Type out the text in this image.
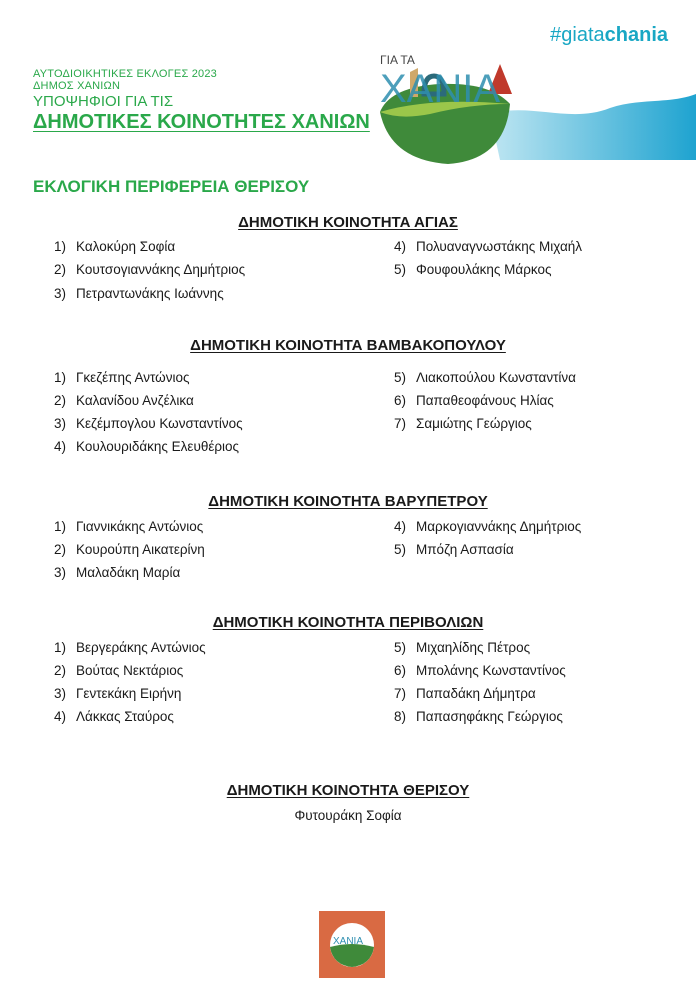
ΑΥΤΟΔΙΟΙΚΗΤΙΚΕΣ ΕΚΛΟΓΕΣ 2023
ΔΗΜΟΣ ΧΑΝΙΩΝ
ΥΠΟΨΗΦΙΟΙ ΓΙΑ ΤΙΣ
ΔΗΜΟΤΙΚΕΣ ΚΟΙΝΟΤΗΤΕΣ ΧΑΝΙΩΝ
#giatachania
ΓΙΑ ΤΑ
ΧΑΝΙΑ
ΕΚΛΟΓΙΚΗ ΠΕΡΙΦΕΡΕΙΑ ΘΕΡΙΣΟΥ
ΔΗΜΟΤΙΚΗ ΚΟΙΝΟΤΗΤΑ ΑΓΙΑΣ
1) Καλοκύρη Σοφία
2) Κουτσογιαννάκης Δημήτριος
3) Πετραντωνάκης Ιωάννης
4) Πολυαναγνωστάκης Μιχαήλ
5) Φουφουλάκης Μάρκος
ΔΗΜΟΤΙΚΗ ΚΟΙΝΟΤΗΤΑ ΒΑΜΒΑΚΟΠΟΥΛΟΥ
1) Γκεζέπης Αντώνιος
2) Καλανίδου Ανζέλικα
3) Κεζέμπογλου Κωνσταντίνος
4) Κουλουριδάκης Ελευθέριος
5) Λιακοπούλου Κωνσταντίνα
6) Παπαθεοφάνους Ηλίας
7) Σαμιώτης Γεώργιος
ΔΗΜΟΤΙΚΗ ΚΟΙΝΟΤΗΤΑ ΒΑΡΥΠΕΤΡΟΥ
1) Γιαννικάκης Αντώνιος
2) Κουρούπη Αικατερίνη
3) Μαλαδάκη Μαρία
4) Μαρκογιαννάκης Δημήτριος
5) Μπόζη Ασπασία
ΔΗΜΟΤΙΚΗ ΚΟΙΝΟΤΗΤΑ ΠΕΡΙΒΟΛΙΩΝ
1) Βεργεράκης Αντώνιος
2) Βούτας Νεκτάριος
3) Γεντεκάκη Ειρήνη
4) Λάκκας Σταύρος
5) Μιχαηλίδης Πέτρος
6) Μπολάνης Κωνσταντίνος
7) Παπαδάκη Δήμητρα
8) Παπασηφάκης Γεώργιος
ΔΗΜΟΤΙΚΗ ΚΟΙΝΟΤΗΤΑ ΘΕΡΙΣΟΥ
Φυτουράκη Σοφία
ΧΑΝΙΑ
